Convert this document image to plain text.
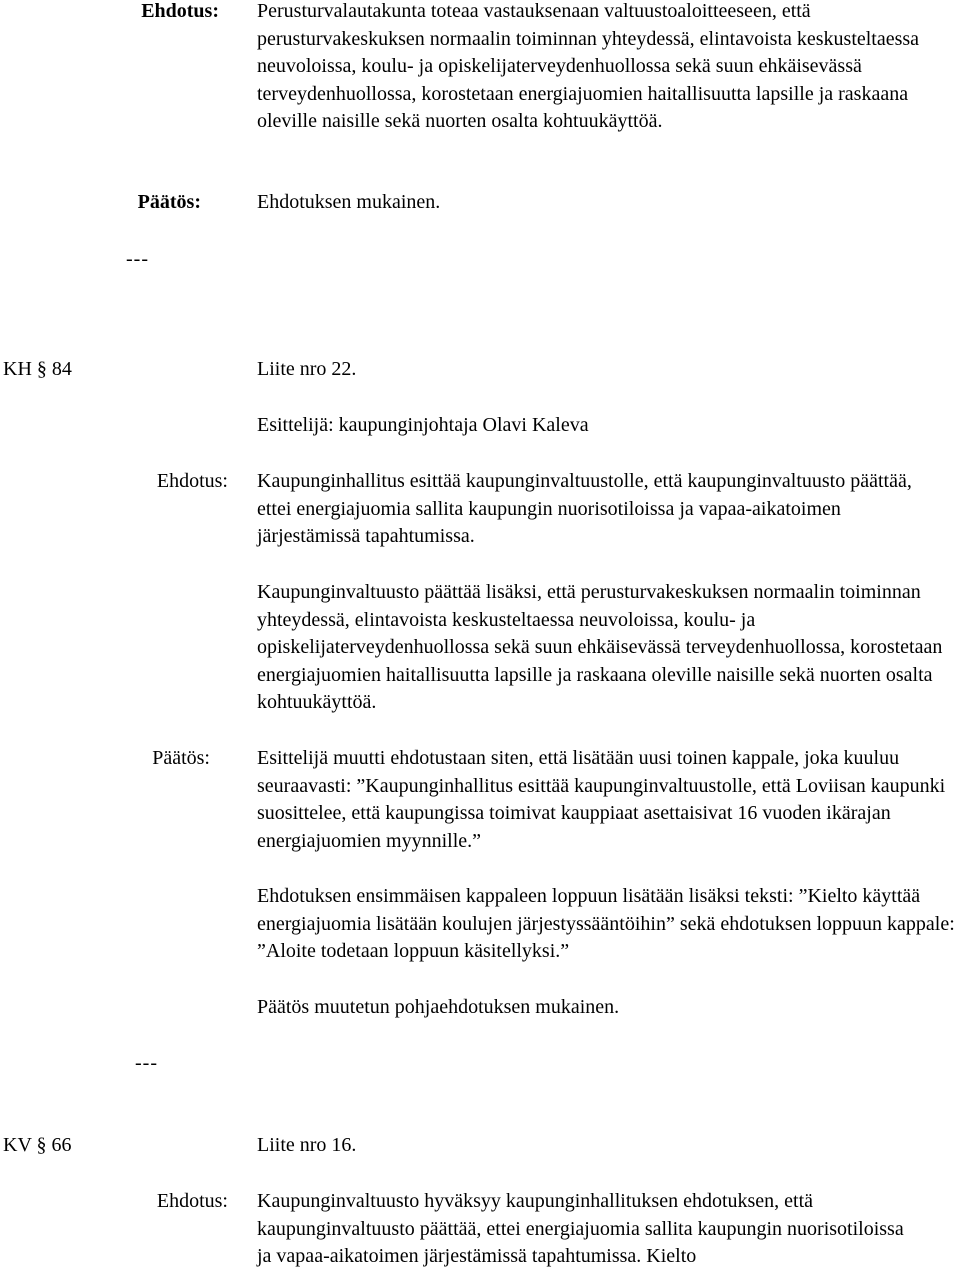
Ehdotus: Perusturvalautakunta toteaa vastauksenaan valtuustoaloitteeseen, että perusturvakeskuksen normaalin toiminnan yhteydessä, elintavoista keskusteltaessa neuvoloissa, koulu- ja opiskelijaterveydenhuollossa sekä suun ehkäisevässä terveydenhuollossa, korostetaan energiajuomien haitallisuutta lapsille ja raskaana oleville naisille sekä nuorten osalta kohtuukäyttöä.

Päätös:	Ehdotuksen mukainen.
---
KH § 84	Liite nro 22.
Esittelijä: kaupunginjohtaja Olavi Kaleva
Ehdotus: Kaupunginhallitus esittää kaupunginvaltuustolle, että kaupunginvaltuusto päättää, ettei energiajuomia sallita kaupungin nuorisotiloissa ja vapaa-aikatoimen järjestämissä tapahtumissa.

Kaupunginvaltuusto päättää lisäksi, että perusturvakeskuksen normaalin toiminnan yhteydessä, elintavoista keskusteltaessa neuvoloissa, koulu- ja opiskelijaterveydenhuollossa sekä suun ehkäisevässä terveydenhuollossa, korostetaan energiajuomien haitallisuutta lapsille ja raskaana oleville naisille sekä nuorten osalta kohtuukäyttöä.

Päätös: Esittelijä muutti ehdotustaan siten, että lisätään uusi toinen kappale, joka kuuluu seuraavasti: ”Kaupunginhallitus esittää kaupunginvaltuustolle, että Loviisan kaupunki suosittelee, että kaupungissa toimivat kauppiaat asettaisivat 16 vuoden ikärajan energiajuomien myynnille.”

Ehdotuksen ensimmäisen kappaleen loppuun lisätään lisäksi teksti: ”Kielto käyttää energiajuomia lisätään koulujen järjestyssääntöihin” sekä ehdotuksen loppuun kappale: ”Aloite todetaan loppuun käsitellyksi.”

Päätös muutetun pohjaehdotuksen mukainen.
---
KV § 66	Liite nro 16.
Ehdotus: Kaupunginvaltuusto hyväksyy kaupunginhallituksen ehdotuksen, että kaupunginvaltuusto päättää, ettei energiajuomia sallita kaupungin nuorisotiloissa ja vapaa-aikatoimen järjestämissä tapahtumissa. Kielto
